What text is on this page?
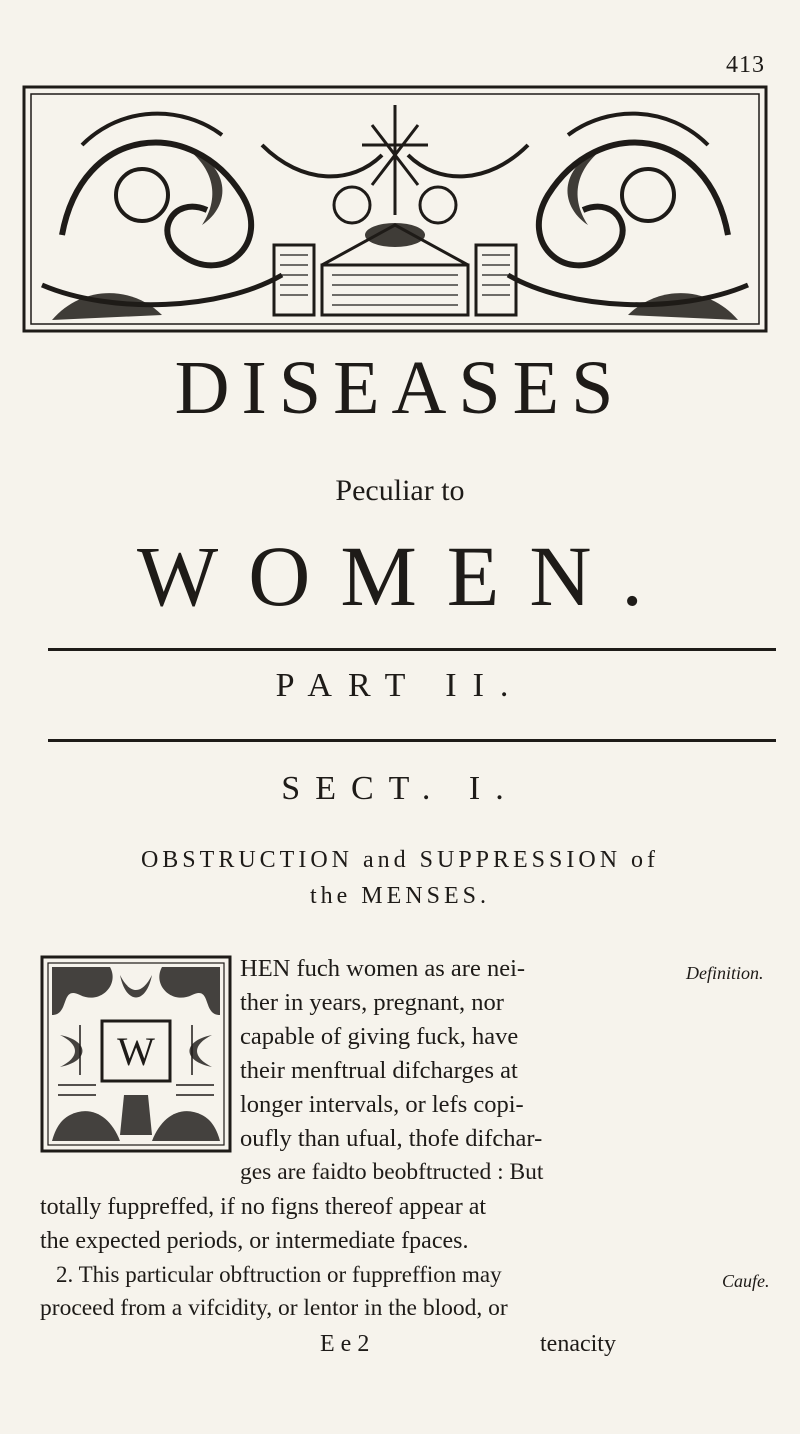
413
DISEASES
Peculiar to
WOMEN.
PART II.
SECT. I.
OBSTRUCTION and SUPPRESSION of
the MENSES.
W
HEN fuch women as are nei-
ther in years, pregnant, nor
capable of giving fuck, have
their menftrual difcharges at
longer intervals, or lefs copi-
oufly than ufual, thofe difchar-
ges are faidto beobftructed : But
totally fuppreffed, if no figns thereof appear at
the expected periods, or intermediate fpaces.
2. This particular obftruction or fuppreffion may
proceed from a vifcidity, or lentor in the blood, or
Definition.
Caufe.
E e 2	tenacity
